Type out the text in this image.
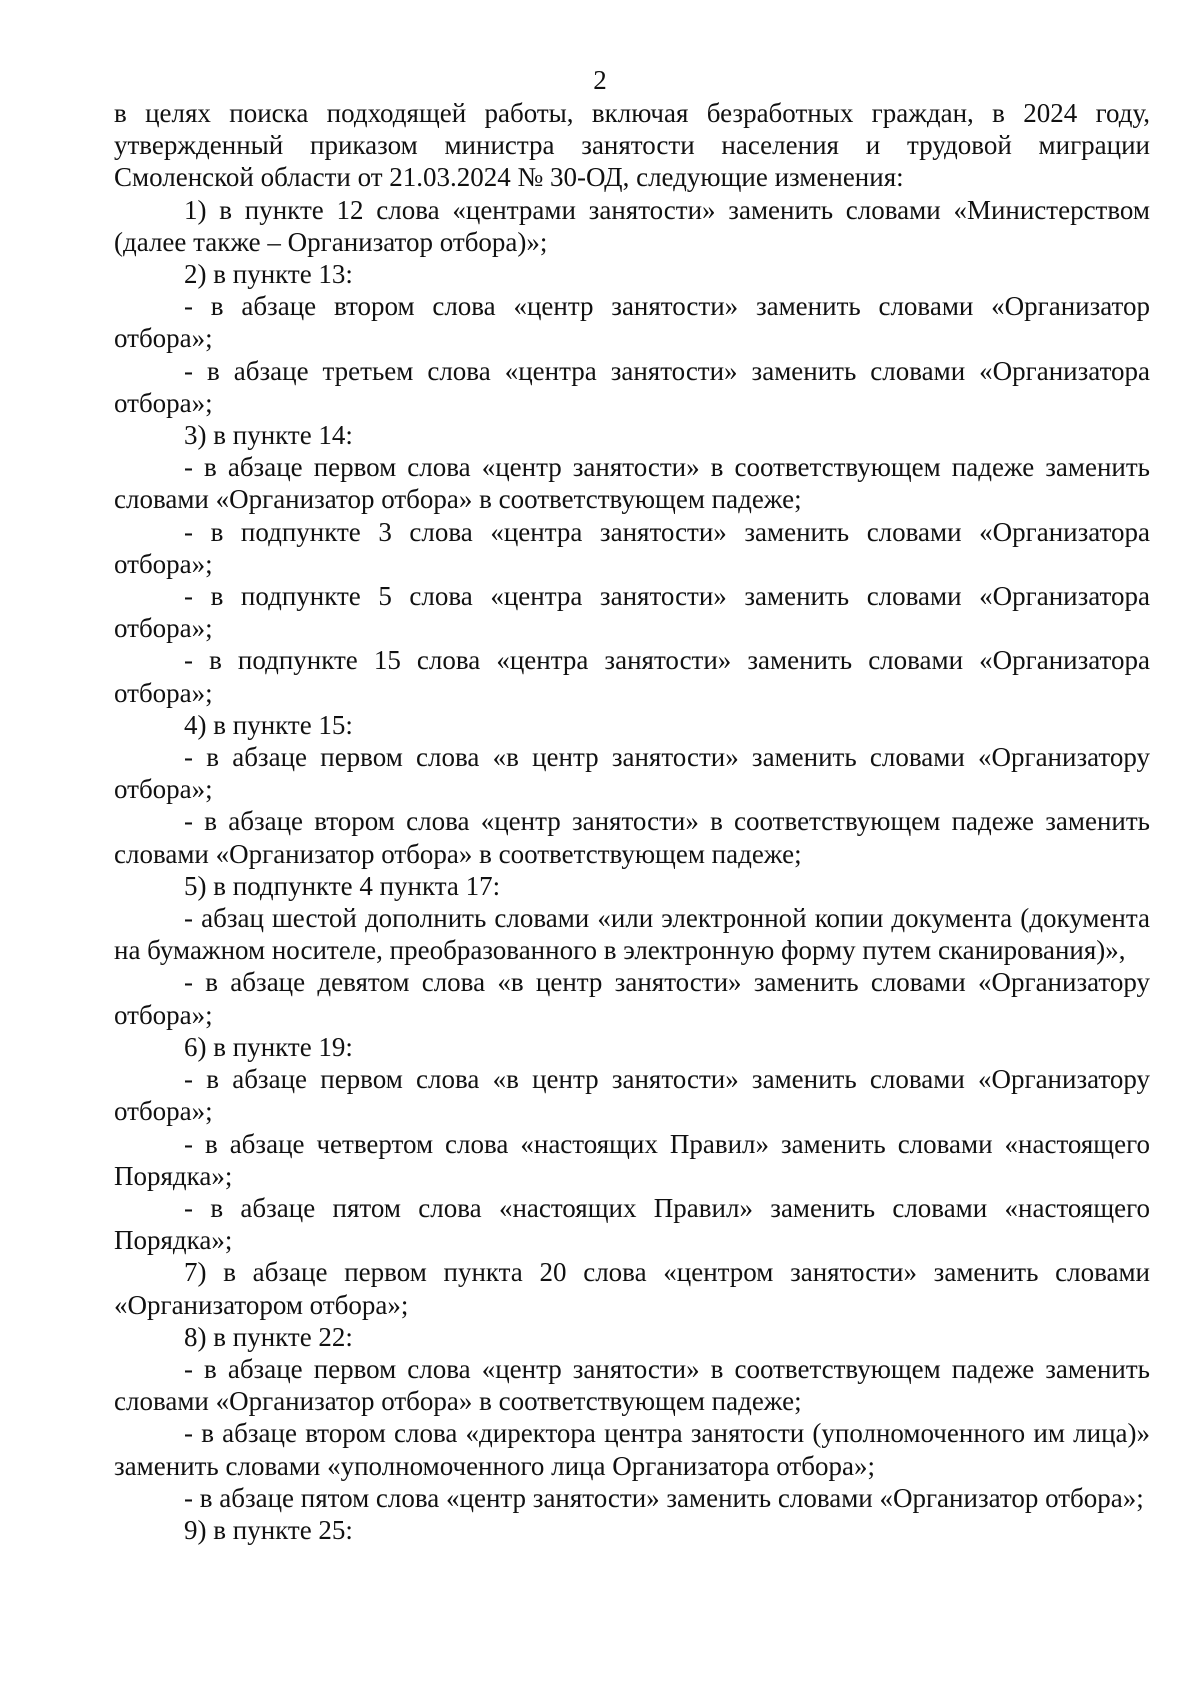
2

в целях поиска подходящей работы, включая безработных граждан, в 2024 году, утвержденный приказом министра занятости населения и трудовой миграции Смоленской области от 21.03.2024 № 30-ОД, следующие изменения:

1) в пункте 12 слова «центрами занятости» заменить словами «Министерством (далее также – Организатор отбора)»;

2) в пункте 13:

- в абзаце втором слова «центр занятости» заменить словами «Организатор отбора»;

- в абзаце третьем слова «центра занятости» заменить словами «Организатора отбора»;

3) в пункте 14:

- в абзаце первом слова «центр занятости» в соответствующем падеже заменить словами «Организатор отбора» в соответствующем падеже;

- в подпункте 3 слова «центра занятости» заменить словами «Организатора отбора»;

- в подпункте 5 слова «центра занятости» заменить словами «Организатора отбора»;

- в подпункте 15 слова «центра занятости» заменить словами «Организатора отбора»;

4) в пункте 15:

- в абзаце первом слова «в центр занятости» заменить словами «Организатору отбора»;

- в абзаце втором слова «центр занятости» в соответствующем падеже заменить словами «Организатор отбора» в соответствующем падеже;

5) в подпункте 4 пункта 17:

- абзац шестой дополнить словами «или электронной копии документа (документа на бумажном носителе, преобразованного в электронную форму путем сканирования)»,

- в абзаце девятом слова «в центр занятости» заменить словами «Организатору отбора»;

6) в пункте 19:

- в абзаце первом слова «в центр занятости» заменить словами «Организатору отбора»;

- в абзаце четвертом слова «настоящих Правил» заменить словами «настоящего Порядка»;

- в абзаце пятом слова «настоящих Правил» заменить словами «настоящего Порядка»;

7) в абзаце первом пункта 20 слова «центром занятости» заменить словами «Организатором отбора»;

8) в пункте 22:

- в абзаце первом слова «центр занятости» в соответствующем падеже заменить словами «Организатор отбора» в соответствующем падеже;

- в абзаце втором слова «директора центра занятости (уполномоченного им лица)» заменить словами «уполномоченного лица Организатора отбора»;

- в абзаце пятом слова «центр занятости» заменить словами «Организатор отбора»;

9) в пункте 25:
